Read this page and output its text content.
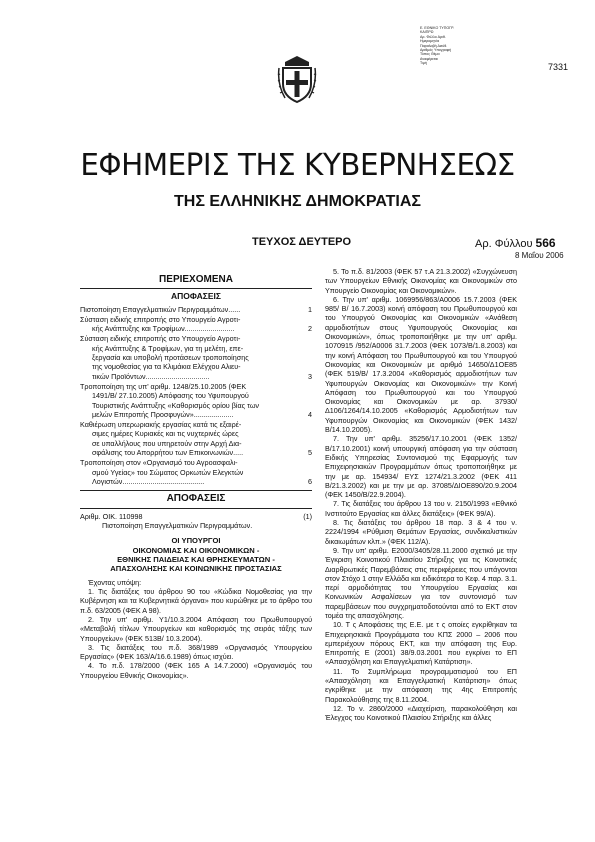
Ε. ΕΘΝΙΚΟ ΤΥΠΟΓΡ.
ΚΑΙΠΡΩ
Αρ. Φύλλο Αριθ.
Ημερομηνία
Παραλαβή Διεύθ.
Αριθμός Υπογραφή
Τύπος Θέμα
Αναφέρεται
Τιμή	7331
ΕΦΗΜΕΡΙΣ ΤΗΣ ΚΥΒΕΡΝΗΣΕΩΣ
ΤΗΣ ΕΛΛΗΝΙΚΗΣ ΔΗΜΟΚΡΑΤΙΑΣ
ΤΕΥΧΟΣ ΔΕΥΤΕΡΟ	Αρ. Φύλλου 566
8 Μαΐου 2006
ΠΕΡΙΕΧΟΜΕΝΑ
ΑΠΟΦΑΣΕΙΣ
Πιστοποίηση Επαγγελματικών Περιγραμμάτων......	1
Σύσταση ειδικής επιτροπής στο Υπουργείο Αγροτι-
κής Ανάπτυξης και Τροφίμων.........................	2
Σύσταση ειδικής επιτροπής στο Υπουργείο Αγροτι-
κής Ανάπτυξης & Τροφίμων, για τη μελέτη, επε-
ξεργασία και υποβολή προτάσεων τροποποίησης
της νομοθεσίας για τα Κλιμάκια Ελέγχου Αλιευ-
τικών Προϊόντων................................	3
Τροποποίηση της υπ' αριθμ. 1248/25.10.2005 (ΦΕΚ
1491/Β/ 27.10.2005) Απόφασης του Υφυπουργού
Τουριστικής Ανάπτυξης «Καθορισμός ορίου βίας των
μελών Επιτροπής Προσφυγών»....................	4
Καθιέρωση υπερωριακής εργασίας κατά τις εξαιρέ-
σιμες ημέρες Κυριακές και τις νυχτερινές ώρες
σε υπαλλήλους που υπηρετούν στην Αρχή Δια-
σφάλισης του Απορρήτου των Επικοινωνιών.....	5
Τροποποίηση στον «Οργανισμό του Αγροασφαλι-
σμού Υγείας» του Σώματος Ορκωτών Ελεγκτών
Λογιστών.........................................	6
ΑΠΟΦΑΣΕΙΣ
Αριθμ. ΟΙΚ. 110998	(1)
Πιστοποίηση Επαγγελματικών Περιγραμμάτων.
ΟΙ ΥΠΟΥΡΓΟΙ
ΟΙΚΟΝΟΜΙΑΣ ΚΑΙ ΟΙΚΟΝΟΜΙΚΩΝ -
ΕΘΝΙΚΗΣ ΠΑΙΔΕΙΑΣ ΚΑΙ ΘΡΗΣΚΕΥΜΑΤΩΝ -
ΑΠΑΣΧΟΛΗΣΗΣ ΚΑΙ ΚΟΙΝΩΝΙΚΗΣ ΠΡΟΣΤΑΣΙΑΣ
Έχοντας υπόψη:
1. Τις διατάξεις του άρθρου 90 του «Κώδικα Νομοθεσίας για την Κυβέρνηση και τα Κυβερνητικά όργανα» που κυρώθηκε με το άρθρο του π.δ. 63/2005 (ΦΕΚ Α 98).
2. Την υπ' αριθμ. Υ1/10.3.2004 Απόφαση του Πρωθυπουργού «Μεταβολή τίτλων Υπουργείων και καθορισμός της σειράς τάξης των Υπουργείων» (ΦΕΚ 513Β/ 10.3.2004).
3. Τις διατάξεις του π.δ. 368/1989 «Οργανισμός Υπουργείου Εργασίας» (ΦΕΚ 163/Α/16.6.1989) όπως ισχύει.
4. Το π.δ. 178/2000 (ΦΕΚ 165 Α 14.7.2000) «Οργανισμός του Υπουργείου Εθνικής Οικονομίας».
5. Το π.δ. 81/2003 (ΦΕΚ 57 τ.Α 21.3.2002) «Συγχώνευση των Υπουργείων Εθνικής Οικονομίας και Οικονομικών στο Υπουργείο Οικονομίας και Οικονομικών».
6. Την υπ' αριθμ. 1069956/863/Α0006 15.7.2003 (ΦΕΚ 985/ Β/ 16.7.2003) κοινή απόφαση του Πρωθυπουργού και του Υπουργού Οικονομίας και Οικονομικών «Ανάθεση αρμοδιοτήτων στους Υφυπουργούς Οικονομίας και Οικονομικών», όπως τροποποιήθηκε με την υπ' αριθμ. 1070915 /952/Α0006 31.7.2003 (ΦΕΚ 1073/Β/1.8.2003) και την κοινή Απόφαση του Πρωθυπουργού και του Υπουργού Οικονομίας και Οικονομικών με αριθμό 14650/Δ1ΟΕ85 (ΦΕΚ 519/Β/ 17.3.2004 «Καθορισμός αρμοδιοτήτων των Υφυπουργών Οικονομίας και Οικονομικών» την Κοινή Απόφαση του Πρωθυπουργού και του Υπουργού Οικονομίας και Οικονομικών με αρ. 37930/Δ106/1264/14.10.2005 «Καθορισμός Αρμοδιοτήτων των Υφυπουργών Οικονομίας και Οικονομικών (ΦΕΚ 1432/Β/14.10.2005).
7. Την υπ' αριθμ. 35256/17.10.2001 (ΦΕΚ 1352/Β/17.10.2001) κοινή υπουργική απόφαση για την σύσταση Ειδικής Υπηρεσίας Συντονισμού της Εφαρμογής των Επιχειρησιακών Προγραμμάτων όπως τροποποιήθηκε με την με αρ. 154934/ ΕΥΣ 1274/21.3.2002 (ΦΕΚ 411 Β/21.3.2002) και με την με αρ. 37085/ΔΙΟΕ890/20.9.2004 (ΦΕΚ 1450/Β/22.9.2004).
7. Τις διατάξεις του άρθρου 13 του ν. 2150/1993 «Εθνικό Ινστιτούτο Εργασίας και άλλες διατάξεις» (ΦΕΚ 99/Α).
8. Τις διατάξεις του άρθρου 18 παρ. 3 & 4 του ν. 2224/1994 «Ρύθμιση Θεμάτων Εργασίας, συνδικαλιστικών δικαιωμάτων κλπ.» (ΦΕΚ 112/Α).
9. Την υπ' αριθμ. Ε2000/3405/28.11.2000 σχετικό με την Έγκριση Κοινοτικού Πλαισίου Στήριξης για τις Κοινοτικές Διαρθρωτικές Παρεμβάσεις στις περιφέρειες που υπάγονται στον Στόχο 1 στην Ελλάδα και ειδικότερα το Κεφ. 4 παρ. 3.1. περί αρμοδιότητας του Υπουργείου Εργασίας και Κοινωνικών Ασφαλίσεων για τον συντονισμό των παρεμβάσεων που συγχρηματοδοτούνται από το ΕΚΤ στον τομέα της απασχόλησης.
10. Τ ς Αποφάσεις της Ε.Ε. με τ ς οποίες εγκρίθηκαν τα Επιχειρησιακά Προγράμματα του ΚΠΣ 2000 – 2006 που εμπεριέχουν πόρους ΕΚΤ, και την απόφαση της Ευρ. Επιτροπής Ε (2001) 38/9.03.2001 που εγκρίνει το ΕΠ «Απασχόληση και Επαγγελματική Κατάρτιση».
11. Το Συμπλήρωμα προγραμματισμού του ΕΠ «Απασχόληση και Επαγγελματική Κατάρτιση» όπως εγκρίθηκε με την απόφαση της 4ης Επιτροπής Παρακολούθησης της 8.11.2004.
12. Το ν. 2860/2000 «Διαχείριση, παρακολούθηση και Έλεγχος του Κοινοτικού Πλαισίου Στήριξης και άλλες
